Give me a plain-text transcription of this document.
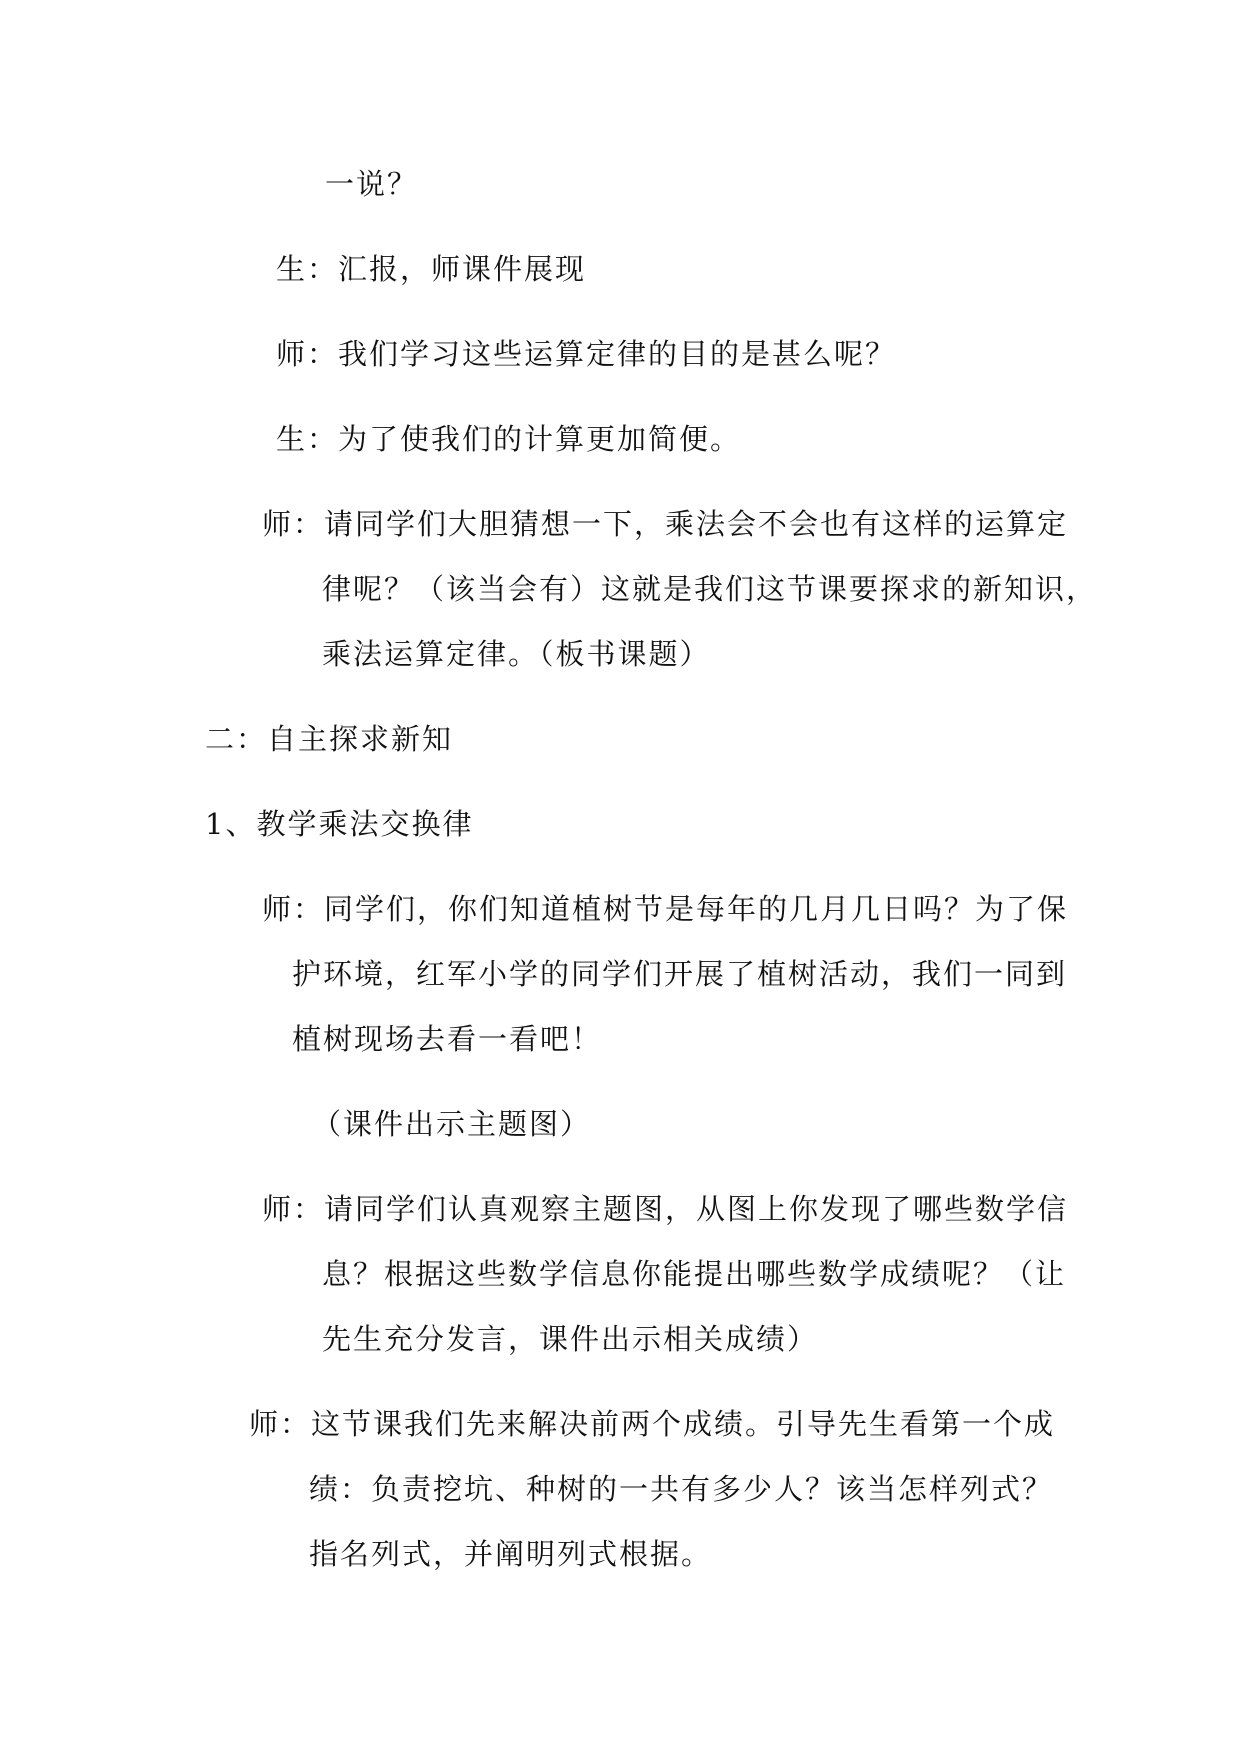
一说？
生：汇报，师课件展现
师：我们学习这些运算定律的目的是甚么呢？
生：为了使我们的计算更加简便。
师：请同学们大胆猜想一下，乘法会不会也有这样的运算定
律呢？（该当会有）这就是我们这节课要探求的新知识，
乘法运算定律。（板书课题）
二：自主探求新知
1、教学乘法交换律
师：同学们，你们知道植树节是每年的几月几日吗？为了保
护环境，红军小学的同学们开展了植树活动，我们一同到
植树现场去看一看吧！
（课件出示主题图）
师：请同学们认真观察主题图，从图上你发现了哪些数学信
息？根据这些数学信息你能提出哪些数学成绩呢？（让
先生充分发言，课件出示相关成绩）
师：这节课我们先来解决前两个成绩。引导先生看第一个成
绩：负责挖坑、种树的一共有多少人？该当怎样列式？
指名列式，并阐明列式根据。
